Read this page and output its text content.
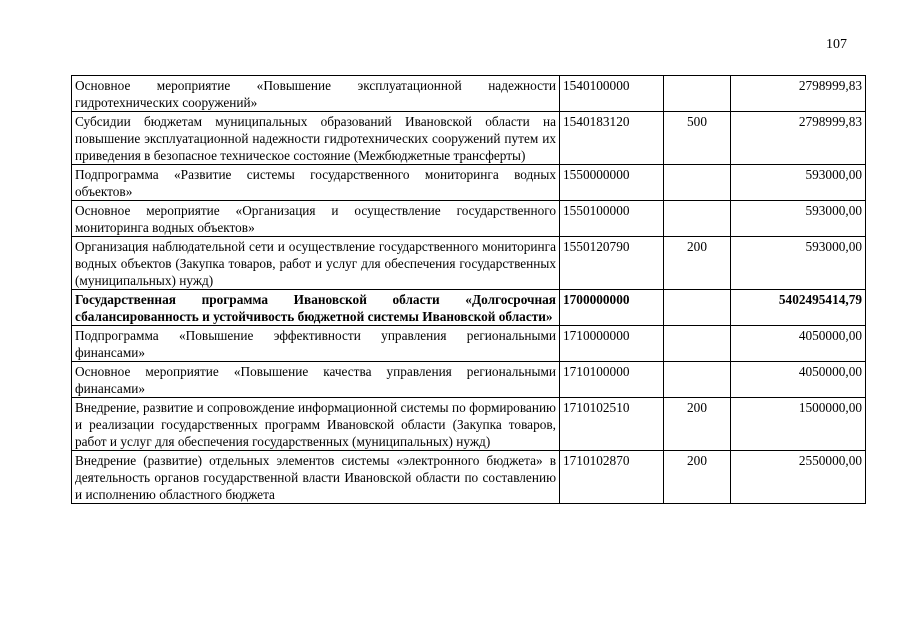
107
Основное мероприятие «Повышение эксплуатационной надежности гидротехнических сооружений»	1540100000		2798999,83
Субсидии бюджетам муниципальных образований Ивановской области на повышение эксплуатационной надежности гидротехнических сооружений путем их приведения в безопасное техническое состояние (Межбюджетные трансферты)	1540183120	500	2798999,83
Подпрограмма «Развитие системы государственного мониторинга водных объектов»	1550000000		593000,00
Основное мероприятие «Организация и осуществление государственного мониторинга водных объектов»	1550100000		593000,00
Организация наблюдательной сети и осуществление государственного мониторинга водных объектов (Закупка товаров, работ и услуг для обеспечения государственных (муниципальных) нужд)	1550120790	200	593000,00
Государственная программа Ивановской области «Долгосрочная сбалансированность и устойчивость бюджетной системы Ивановской области»	1700000000		5402495414,79
Подпрограмма «Повышение эффективности управления региональными финансами»	1710000000		4050000,00
Основное мероприятие «Повышение качества управления региональными финансами»	1710100000		4050000,00
Внедрение, развитие и сопровождение информационной системы по формированию и реализации государственных программ Ивановской области (Закупка товаров, работ и услуг для обеспечения государственных (муниципальных) нужд)	1710102510	200	1500000,00
Внедрение (развитие) отдельных элементов системы «электронного бюджета» в деятельность органов государственной власти Ивановской области по составлению и исполнению областного бюджета	1710102870	200	2550000,00
